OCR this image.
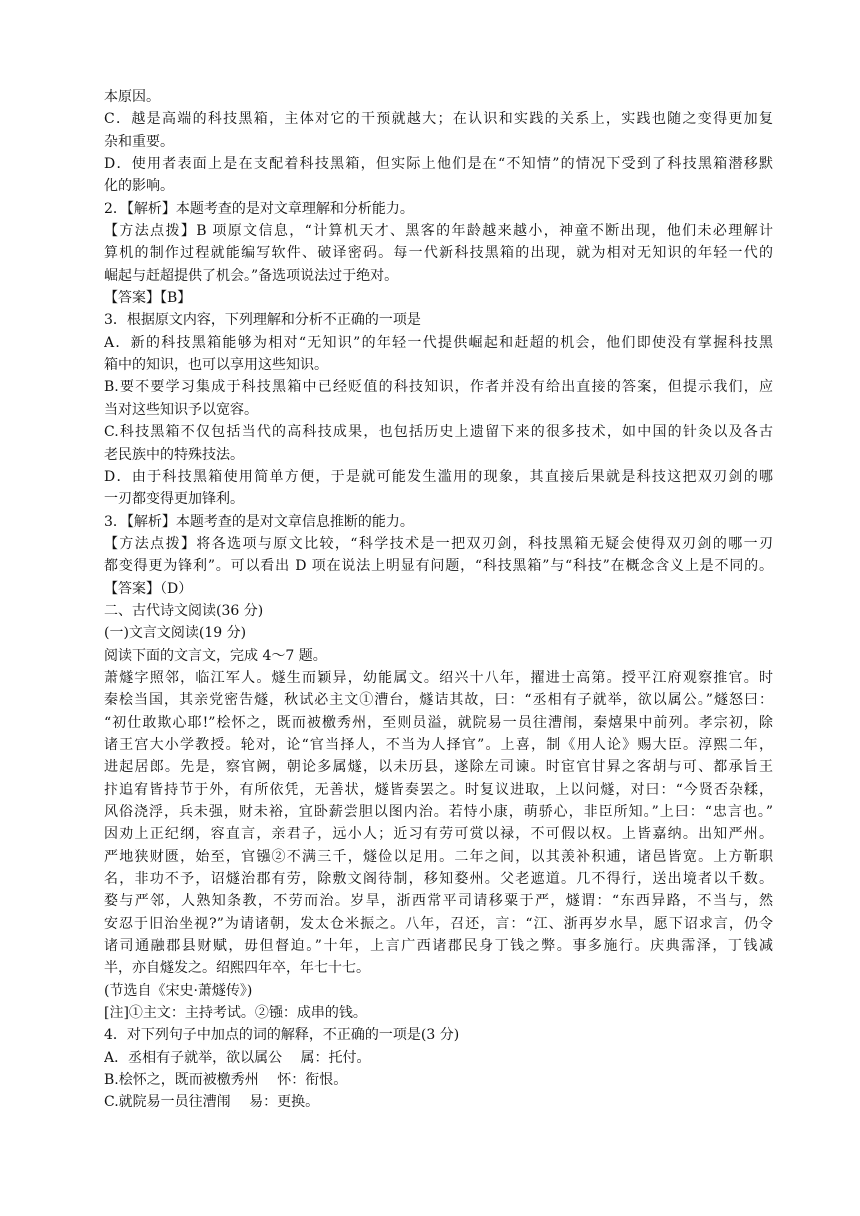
本原因。
C．越是高端的科技黑箱，主体对它的干预就越大；在认识和实践的关系上，实践也随之变得更加复
杂和重要。
D．使用者表面上是在支配着科技黑箱，但实际上他们是在“不知情”的情况下受到了科技黑箱潜移默
化的影响。
2．【解析】本题考查的是对文章理解和分析能力。
【方法点拨】B 项原文信息，“计算机天才、黑客的年龄越来越小，神童不断出现，他们未必理解计
算机的制作过程就能编写软件、破译密码。每一代新科技黑箱的出现，就为相对无知识的年轻一代的
崛起与赶超提供了机会。”备选项说法过于绝对。
【答案】【B】
3．根据原文内容，下列理解和分析不正确的一项是
A．新的科技黑箱能够为相对“无知识”的年轻一代提供崛起和赶超的机会，他们即使没有掌握科技黑
箱中的知识，也可以享用这些知识。
B.要不要学习集成于科技黑箱中已经贬值的科技知识，作者并没有给出直接的答案，但提示我们，应
当对这些知识予以宽容。
C.科技黑箱不仅包括当代的高科技成果，也包括历史上遗留下来的很多技术，如中国的针灸以及各古
老民族中的特殊技法。
D．由于科技黑箱使用简单方便，于是就可能发生滥用的现象，其直接后果就是科技这把双刃剑的哪
一刃都变得更加锋利。
3．【解析】本题考查的是对文章信息推断的能力。
【方法点拨】将各选项与原文比较，“科学技术是一把双刃剑，科技黑箱无疑会使得双刃剑的哪一刃
都变得更为锋利”。可以看出 D 项在说法上明显有问题，“科技黑箱”与“科技”在概念含义上是不同的。
【答案】（D）
二、古代诗文阅读(36 分)
(一)文言文阅读(19 分)
阅读下面的文言文，完成 4～7 题。
萧燧字照邻，临江军人。燧生而颖异，幼能属文。绍兴十八年，擢进士高第。授平江府观察推官。时
秦桧当国，其亲党密告燧，秋试必主文①漕台，燧诘其故，曰：“丞相有子就举，欲以属公。”燧怒曰：
“初仕敢欺心耶!”桧怀之，既而被檄秀州，至则员溢，就院易一员往漕闱，秦熺果中前列。孝宗初，除
诸王宫大小学教授。轮对，论“官当择人，不当为人择官”。上喜，制《用人论》赐大臣。淳熙二年，
进起居郎。先是，察官阙，朝论多属燧，以未历县，遂除左司谏。时宦官甘昪之客胡与可、都承旨王
抃追宥皆持节于外，有所依凭，无善状，燧皆奏罢之。时复议进取，上以问燧，对曰：“今贤否杂糅，
风俗浇浮，兵未强，财未裕，宜卧薪尝胆以图内治。若恃小康，萌骄心，非臣所知。”上曰：“忠言也。”
因劝上正纪纲，容直言，亲君子，远小人；近习有劳可赏以禄，不可假以权。上皆嘉纳。出知严州。
严地狭财匮，始至，官镪②不满三千，燧俭以足用。二年之间，以其羡补积逋，诸邑皆宽。上方靳职
名，非功不予，诏燧治郡有劳，除敷文阁待制，移知婺州。父老遮道。几不得行，送出境者以千数。
婺与严邻，人熟知条教，不劳而治。岁旱，浙西常平司请移粟于严，燧谓：“东西异路，不当与，然
安忍于旧治坐视?”为请诸朝，发太仓米振之。八年，召还，言：“江、浙再岁水旱，愿下诏求言，仍令
诸司通融郡县财赋，毋但督迫。”十年，上言广西诸郡民身丁钱之弊。事多施行。庆典霈泽，丁钱减
半，亦自燧发之。绍熙四年卒，年七十七。
(节选自《宋史·萧燧传》)
[注]①主文：主持考试。②镪：成串的钱。
4．对下列句子中加点的词的解释，不正确的一项是(3 分)
A．丞相有子就举，欲以属公　 属：托付。
B.桧怀之，既而被檄秀州　 怀：衔恨。
C.就院易一员往漕闱　 易：更换。
